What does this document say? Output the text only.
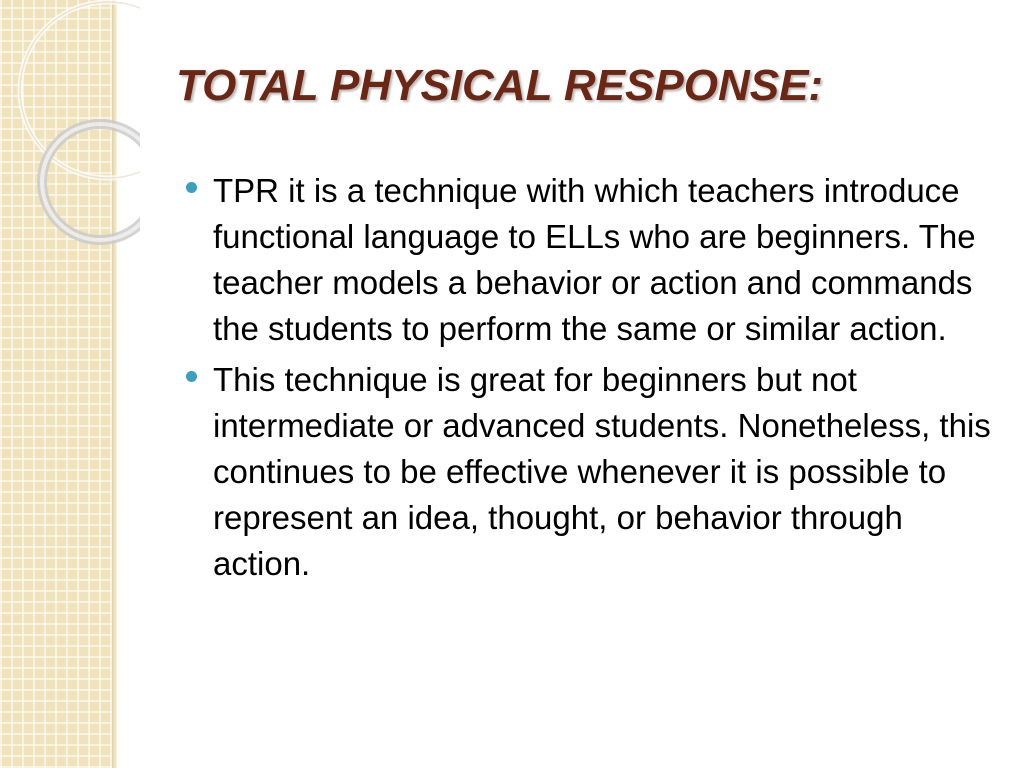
TOTAL PHYSICAL RESPONSE:
TPR it is a technique with which teachers introduce functional language to ELLs who are beginners. The teacher models a behavior or action and commands the students to perform the same or similar action.
This technique is great for beginners but not intermediate or advanced students. Nonetheless, this continues to be effective whenever it is possible to represent an idea, thought, or behavior through action.
